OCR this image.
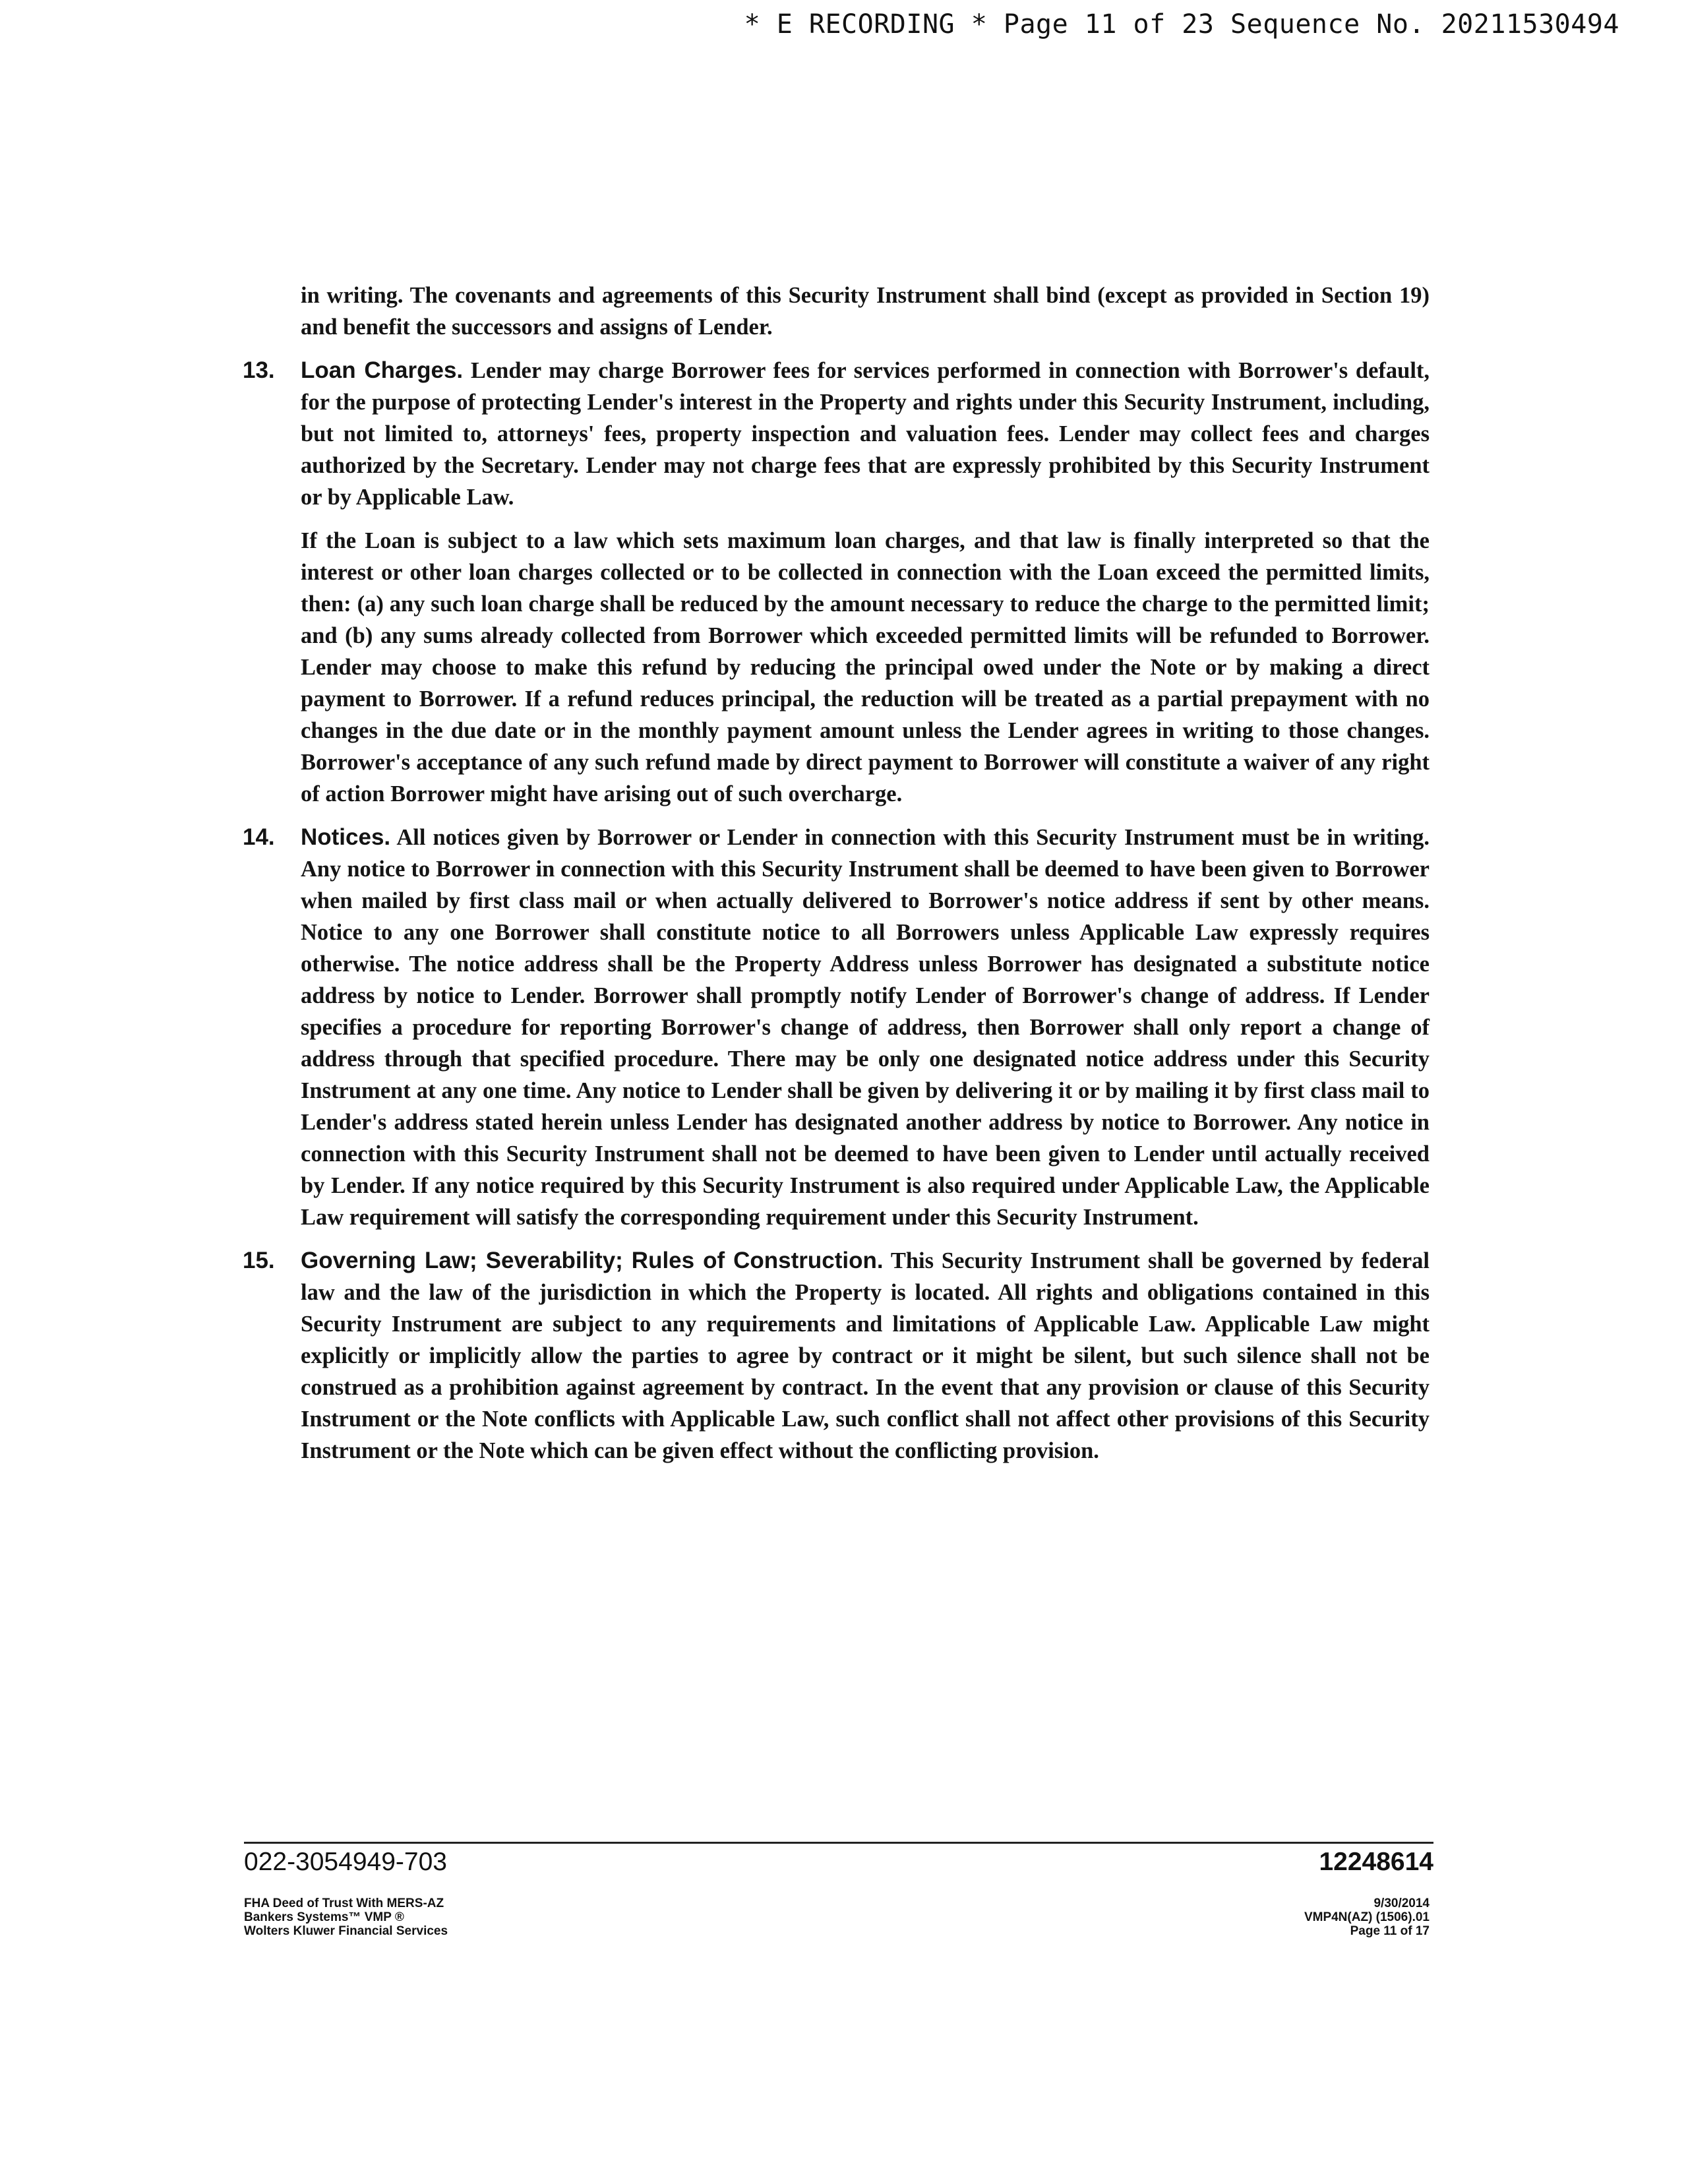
* E RECORDING * Page 11 of 23 Sequence No. 20211530494

in writing. The covenants and agreements of this Security Instrument shall bind (except as provided in Section 19) and benefit the successors and assigns of Lender.

13. Loan Charges. Lender may charge Borrower fees for services performed in connection with Borrower's default, for the purpose of protecting Lender's interest in the Property and rights under this Security Instrument, including, but not limited to, attorneys' fees, property inspection and valuation fees. Lender may collect fees and charges authorized by the Secretary. Lender may not charge fees that are expressly prohibited by this Security Instrument or by Applicable Law.

If the Loan is subject to a law which sets maximum loan charges, and that law is finally interpreted so that the interest or other loan charges collected or to be collected in connection with the Loan exceed the permitted limits, then: (a) any such loan charge shall be reduced by the amount necessary to reduce the charge to the permitted limit; and (b) any sums already collected from Borrower which exceeded permitted limits will be refunded to Borrower. Lender may choose to make this refund by reducing the principal owed under the Note or by making a direct payment to Borrower. If a refund reduces principal, the reduction will be treated as a partial prepayment with no changes in the due date or in the monthly payment amount unless the Lender agrees in writing to those changes. Borrower's acceptance of any such refund made by direct payment to Borrower will constitute a waiver of any right of action Borrower might have arising out of such overcharge.

14. Notices. All notices given by Borrower or Lender in connection with this Security Instrument must be in writing. Any notice to Borrower in connection with this Security Instrument shall be deemed to have been given to Borrower when mailed by first class mail or when actually delivered to Borrower's notice address if sent by other means. Notice to any one Borrower shall constitute notice to all Borrowers unless Applicable Law expressly requires otherwise. The notice address shall be the Property Address unless Borrower has designated a substitute notice address by notice to Lender. Borrower shall promptly notify Lender of Borrower's change of address. If Lender specifies a procedure for reporting Borrower's change of address, then Borrower shall only report a change of address through that specified procedure. There may be only one designated notice address under this Security Instrument at any one time. Any notice to Lender shall be given by delivering it or by mailing it by first class mail to Lender's address stated herein unless Lender has designated another address by notice to Borrower. Any notice in connection with this Security Instrument shall not be deemed to have been given to Lender until actually received by Lender. If any notice required by this Security Instrument is also required under Applicable Law, the Applicable Law requirement will satisfy the corresponding requirement under this Security Instrument.

15. Governing Law; Severability; Rules of Construction. This Security Instrument shall be governed by federal law and the law of the jurisdiction in which the Property is located. All rights and obligations contained in this Security Instrument are subject to any requirements and limitations of Applicable Law. Applicable Law might explicitly or implicitly allow the parties to agree by contract or it might be silent, but such silence shall not be construed as a prohibition against agreement by contract. In the event that any provision or clause of this Security Instrument or the Note conflicts with Applicable Law, such conflict shall not affect other provisions of this Security Instrument or the Note which can be given effect without the conflicting provision.

022-3054949-703	12248614
FHA Deed of Trust With MERS-AZ
Bankers Systems™ VMP ®
Wolters Kluwer Financial Services
9/30/2014
VMP4N(AZ) (1506).01
Page 11 of 17
